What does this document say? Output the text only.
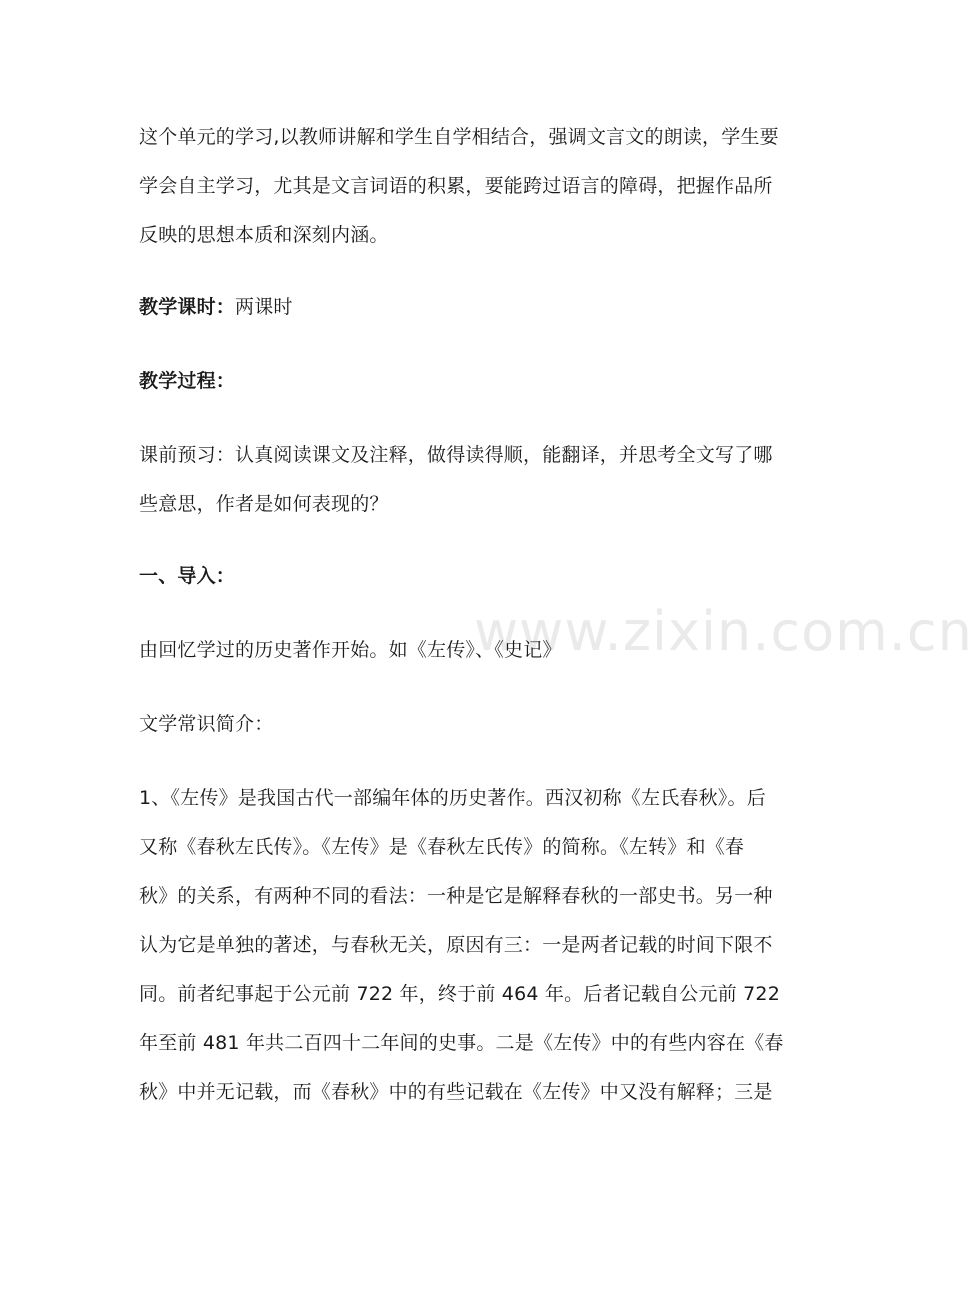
www.zixin.com.cn
这个单元的学习,以教师讲解和学生自学相结合，强调文言文的朗读，学生要
学会自主学习，尤其是文言词语的积累，要能跨过语言的障碍，把握作品所
反映的思想本质和深刻内涵。
教学课时：两课时
教学过程：
课前预习：认真阅读课文及注释，做得读得顺，能翻译，并思考全文写了哪
些意思，作者是如何表现的？
一、导入：
由回忆学过的历史著作开始。如《左传》、《史记》
文学常识简介：
1、《左传》是我国古代一部编年体的历史著作。西汉初称《左氏春秋》。后
又称《春秋左氏传》。《左传》是《春秋左氏传》的简称。《左转》和《春
秋》的关系，有两种不同的看法：一种是它是解释春秋的一部史书。另一种
认为它是单独的著述，与春秋无关，原因有三：一是两者记载的时间下限不
同。前者纪事起于公元前 722 年，终于前 464 年。后者记载自公元前 722
年至前 481 年共二百四十二年间的史事。二是《左传》中的有些内容在《春
秋》中并无记载，而《春秋》中的有些记载在《左传》中又没有解释；三是
